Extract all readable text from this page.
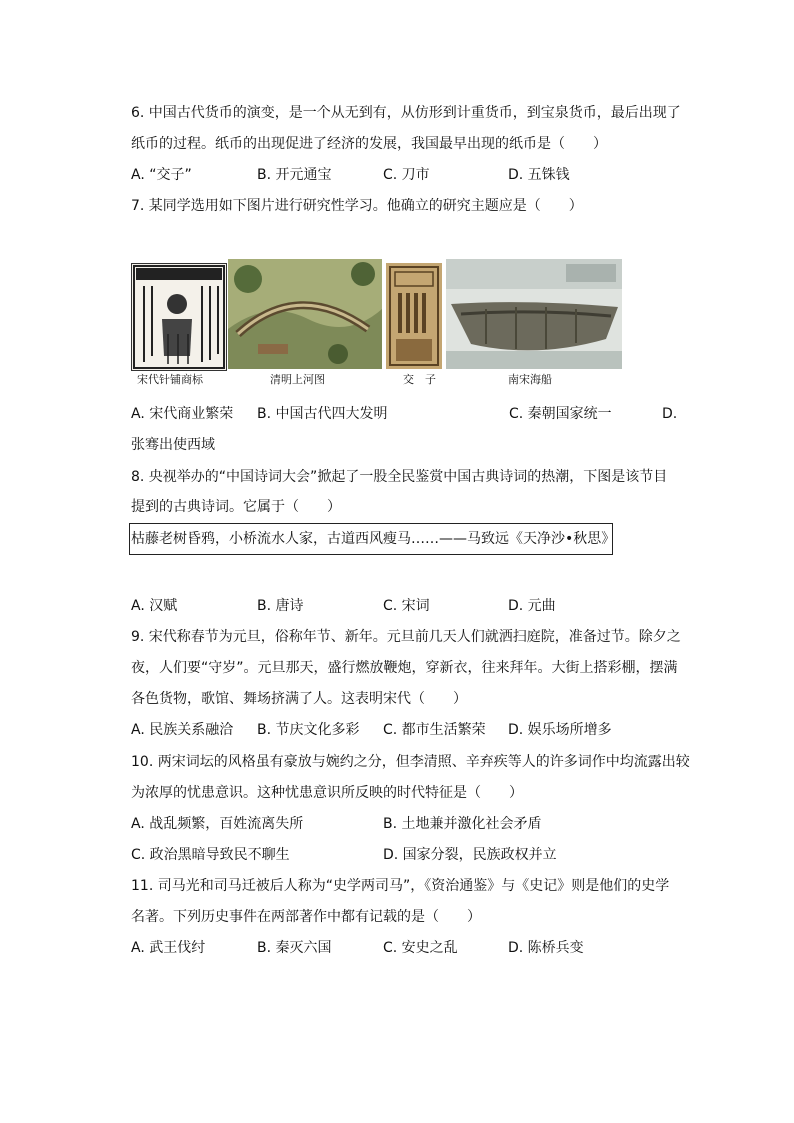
6. 中国古代货币的演变，是一个从无到有，从仿形到计重货币，到宝泉货币，最后出现了
纸币的过程。纸币的出现促进了经济的发展，我国最早出现的纸币是（　　）
A. “交子”	B. 开元通宝	C. 刀市	D. 五铢钱
7. 某同学选用如下图片进行研究性学习。他确立的研究主题应是（　　）
宋代针铺商标	清明上河图	交　子	南宋海船
A. 宋代商业繁荣 B. 中国古代四大发明	C. 秦朝国家统一	D.
张骞出使西域
8. 央视举办的“中国诗词大会”掀起了一股全民鉴赏中国古典诗词的热潮，下图是该节目
提到的古典诗词。它属于（　　）
枯藤老树昏鸦，小桥流水人家，古道西风瘦马……——马致远《天净沙•秋思》
A. 汉赋	B. 唐诗	C. 宋词	D. 元曲
9. 宋代称春节为元旦，俗称年节、新年。元旦前几天人们就洒扫庭院，准备过节。除夕之
夜，人们要“守岁”。元旦那天，盛行燃放鞭炮，穿新衣，往来拜年。大街上搭彩棚，摆满
各色货物，歌馆、舞场挤满了人。这表明宋代（　　）
A. 民族关系融洽 B. 节庆文化多彩 C. 都市生活繁荣 D. 娱乐场所增多
10. 两宋词坛的风格虽有豪放与婉约之分，但李清照、辛弃疾等人的许多词作中均流露出较
为浓厚的忧患意识。这种忧患意识所反映的时代特征是（　　）
A. 战乱频繁，百姓流离失所	B. 土地兼并激化社会矛盾
C. 政治黑暗导致民不聊生	D. 国家分裂，民族政权并立
11. 司马光和司马迁被后人称为“史学两司马”，《资治通鉴》与《史记》则是他们的史学
名著。下列历史事件在两部著作中都有记载的是（　　）
A. 武王伐纣	B. 秦灭六国	C. 安史之乱	D. 陈桥兵变
